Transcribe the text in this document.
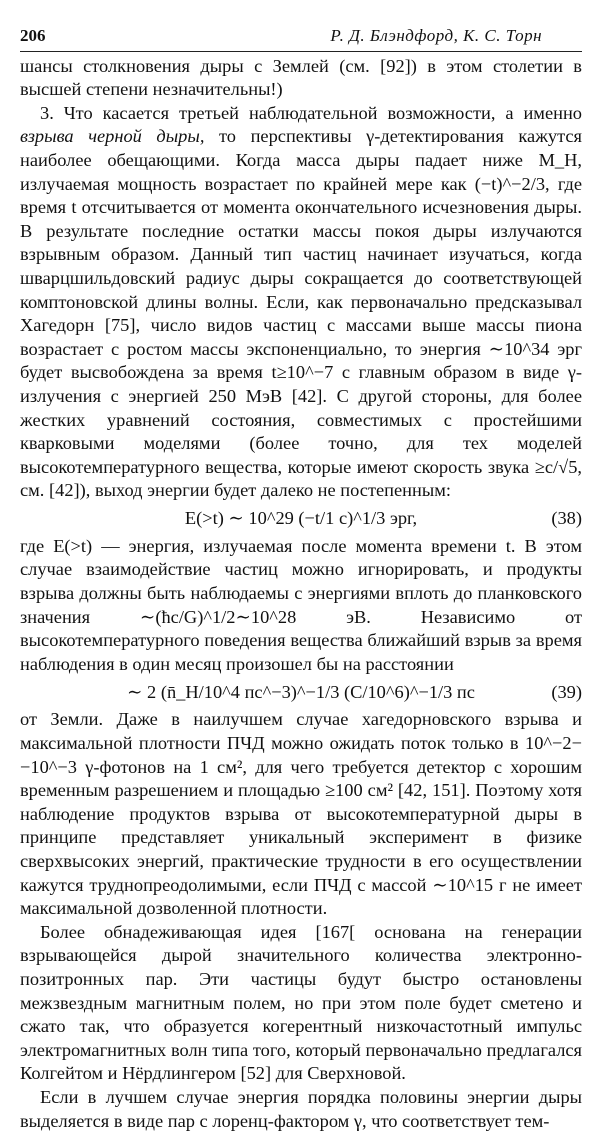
206	Р. Д. Блэндфорд, К. С. Торн

шансы столкновения дыры с Землей (см. [92]) в этом столетии в высшей степени незначительны!)

3. Что касается третьей наблюдательной возможности, а именно взрыва черной дыры, то перспективы γ-детектирования кажутся наиболее обещающими. Когда масса дыры падает ниже M_H, излучаемая мощность возрастает по крайней мере как (−t)^−2/3, где время t отсчитывается от момента окончательного исчезновения дыры. В результате последние остатки массы покоя дыры излучаются взрывным образом. Данный тип частиц начинает изучаться, когда шварцшильдовский радиус дыры сокращается до соответствующей комптоновской длины волны. Если, как первоначально предсказывал Хагедорн [75], число видов частиц с массами выше массы пиона возрастает с ростом массы экспоненциально, то энергия ∼10^34 эрг будет высвобождена за время t≥10^−7 с главным образом в виде γ-излучения с энергией 250 МэВ [42]. С другой стороны, для более жестких уравнений состояния, совместимых с простейшими кварковыми моделями (более точно, для тех моделей высокотемпературного вещества, которые имеют скорость звука ≥c/√5, см. [42]), выход энергии будет далеко не постепенным:

E(>t) ∼ 10^29 (−t/1 c)^1/3 эрг,	(38)

где E(>t) — энергия, излучаемая после момента времени t. В этом случае взаимодействие частиц можно игнорировать, и продукты взрыва должны быть наблюдаемы с энергиями вплоть до планковского значения ∼(ħc/G)^1/2∼10^28 эВ. Независимо от высокотемпературного поведения вещества ближайший взрыв за время наблюдения в один месяц произошел бы на расстоянии

∼ 2 (n̄_H/10^4 пс^−3)^−1/3 (C/10^6)^−1/3 пс	(39)

от Земли. Даже в наилучшем случае хагедорновского взрыва и максимальной плотности ПЧД можно ожидать поток только в 10^−2−−10^−3 γ-фотонов на 1 см², для чего требуется детектор с хорошим временным разрешением и площадью ≥100 см² [42, 151]. Поэтому хотя наблюдение продуктов взрыва от высокотемпературной дыры в принципе представляет уникальный эксперимент в физике сверхвысоких энергий, практические трудности в его осуществлении кажутся труднопреодолимыми, если ПЧД с массой ∼10^15 г не имеет максимальной дозволенной плотности.

Более обнадеживающая идея [167[ основана на генерации взрывающейся дырой значительного количества электронно-позитронных пар. Эти частицы будут быстро остановлены межзвездным магнитным полем, но при этом поле будет сметено и сжато так, что образуется когерентный низкочастотный импульс электромагнитных волн типа того, который первоначально предлагался Колгейтом и Нёрдлингером [52] для Сверхновой.

Если в лучшем случае энергия порядка половины энергии дыры выделяется в виде пар с лоренц-фактором γ, что соответствует тем-
